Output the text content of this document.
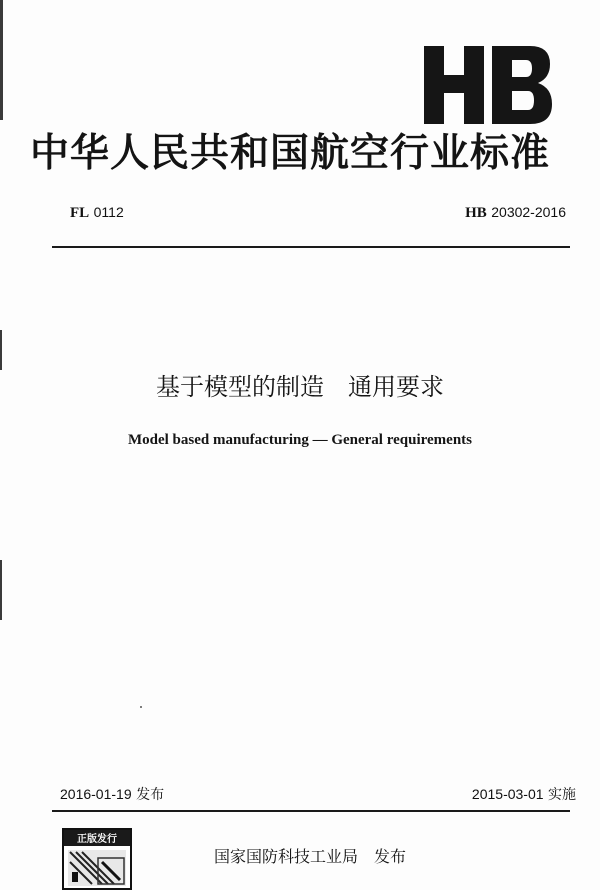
HB
中华人民共和国航空行业标准
FL 0112	HB 20302-2016
基于模型的制造　通用要求
Model based manufacturing — General requirements
2016-01-19 发布	2015-03-01 实施
正版发行
国家国防科技工业局　 发布
